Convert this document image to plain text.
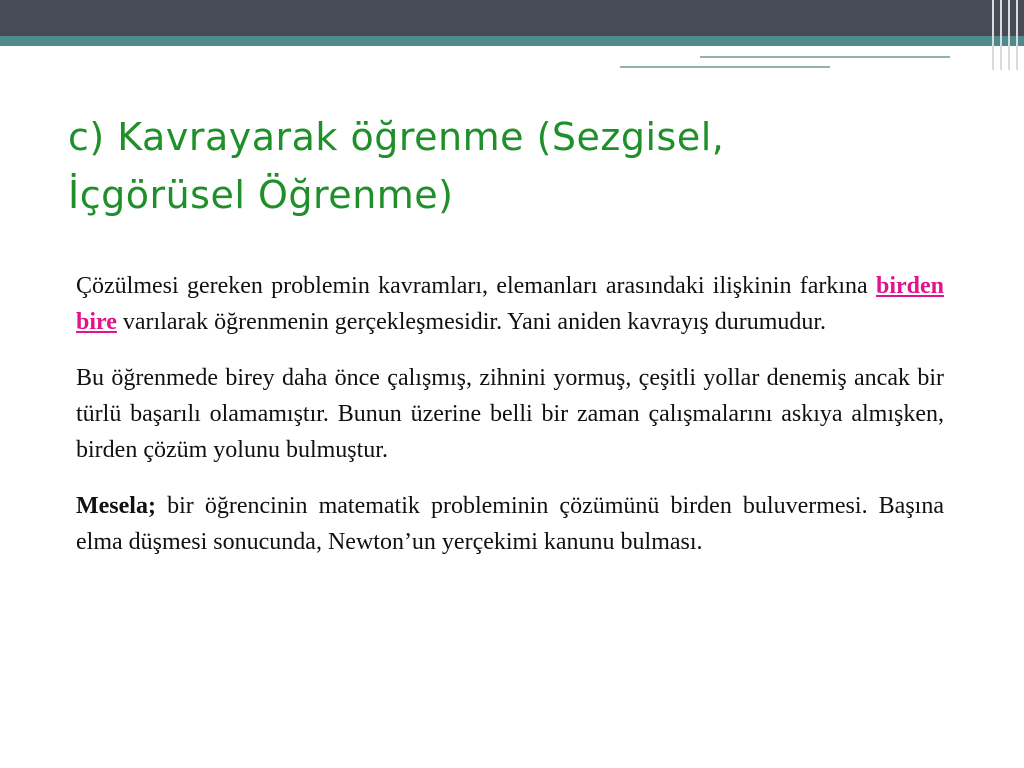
c) Kavrayarak öğrenme (Sezgisel,
İçgörüsel Öğrenme)

Çözülmesi gereken problemin kavramları, elemanları arasındaki ilişkinin farkına birden bire varılarak öğrenmenin gerçekleşmesidir. Yani aniden kavrayış durumudur.

Bu öğrenmede birey daha önce çalışmış, zihnini yormuş, çeşitli yollar denemiş ancak bir türlü başarılı olamamıştır. Bunun üzerine belli bir zaman çalışmalarını askıya almışken, birden çözüm yolunu bulmuştur.

Mesela; bir öğrencinin matematik probleminin çözümünü birden buluvermesi. Başına elma düşmesi sonucunda, Newton’un yerçekimi kanunu bulması.
